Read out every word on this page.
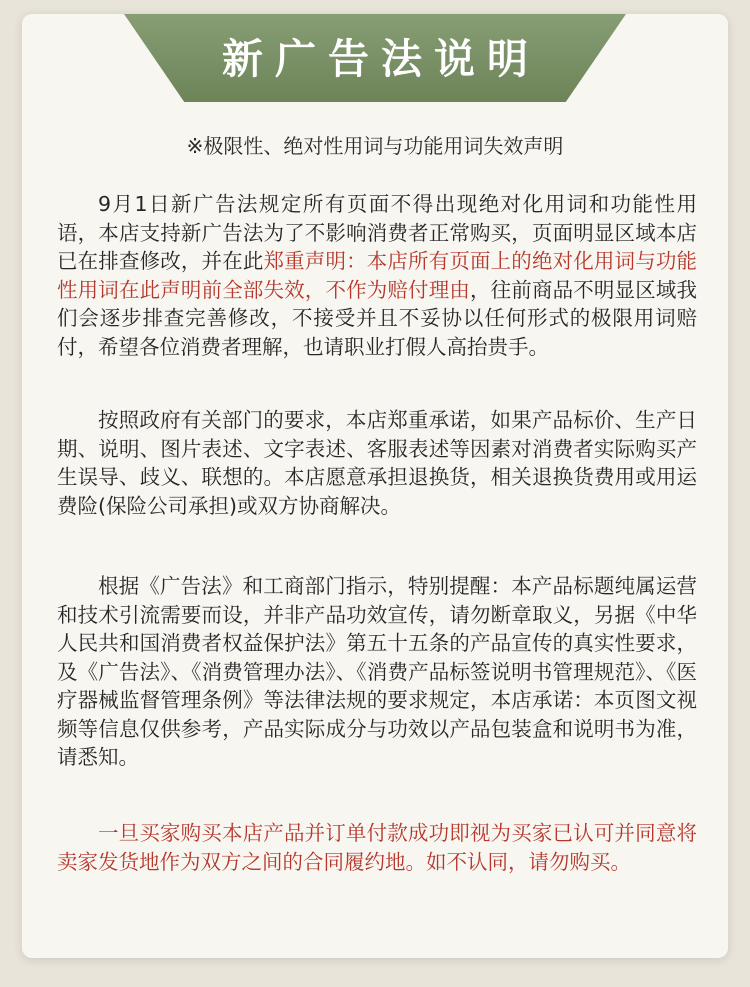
新广告法说明
※极限性、绝对性用词与功能用词失效声明

9月1日新广告法规定所有页面不得出现绝对化用词和功能性用语，本店支持新广告法为了不影响消费者正常购买，页面明显区域本店已在排查修改，并在此郑重声明：本店所有页面上的绝对化用词与功能性用词在此声明前全部失效，不作为赔付理由，往前商品不明显区域我们会逐步排查完善修改，不接受并且不妥协以任何形式的极限用词赔付，希望各位消费者理解，也请职业打假人高抬贵手。

按照政府有关部门的要求，本店郑重承诺，如果产品标价、生产日期、说明、图片表述、文字表述、客服表述等因素对消费者实际购买产生误导、歧义、联想的。本店愿意承担退换货，相关退换货费用或用运费险(保险公司承担)或双方协商解决。

根据《广告法》和工商部门指示，特别提醒：本产品标题纯属运营和技术引流需要而设，并非产品功效宣传，请勿断章取义，另据《中华人民共和国消费者权益保护法》第五十五条的产品宣传的真实性要求，及《广告法》、《消费管理办法》、《消费产品标签说明书管理规范》、《医疗器械监督管理条例》等法律法规的要求规定，本店承诺：本页图文视频等信息仅供参考，产品实际成分与功效以产品包装盒和说明书为准，请悉知。

一旦买家购买本店产品并订单付款成功即视为买家已认可并同意将卖家发货地作为双方之间的合同履约地。如不认同，请勿购买。
